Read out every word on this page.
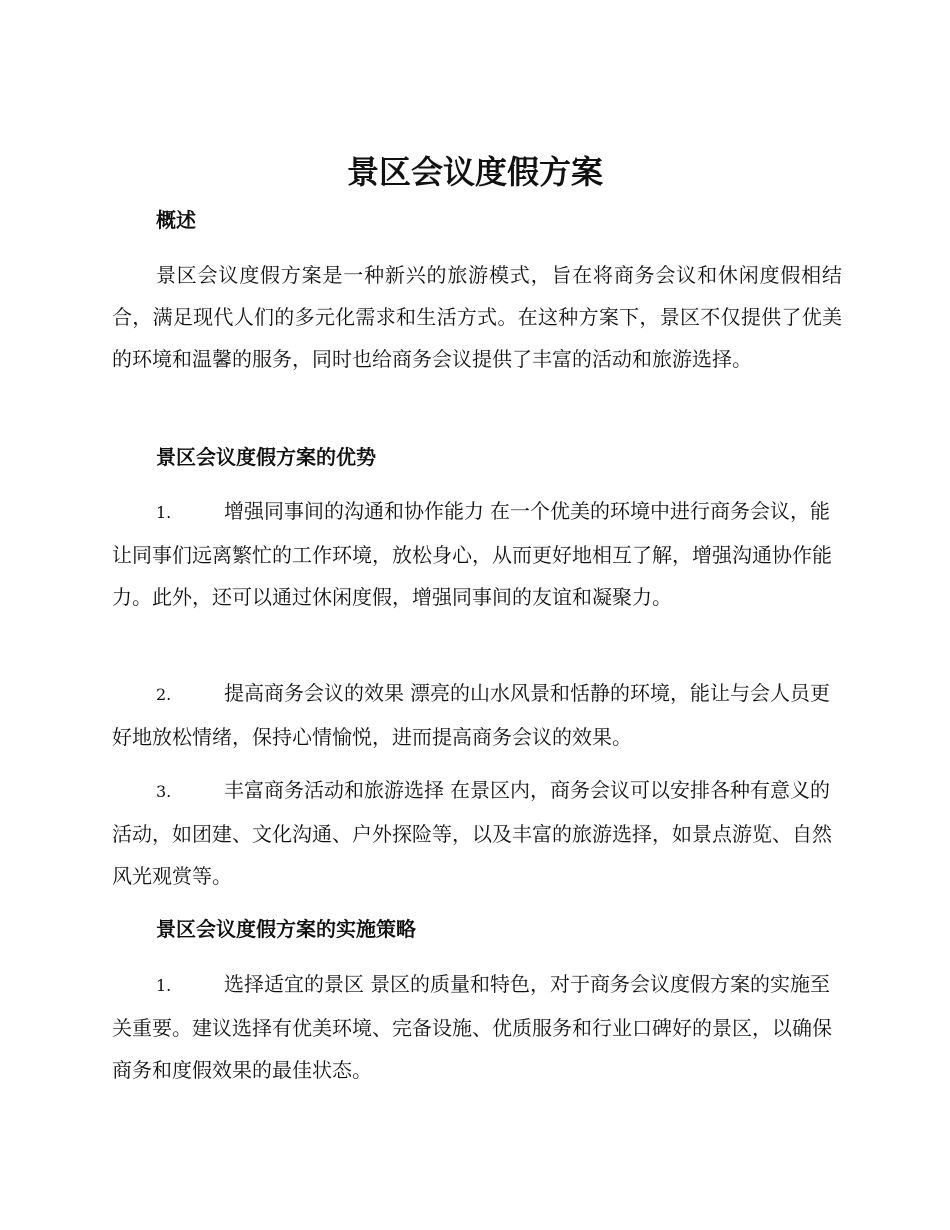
景区会议度假方案
概述

景区会议度假方案是一种新兴的旅游模式，旨在将商务会议和休闲度假相结合，满足现代人们的多元化需求和生活方式。在这种方案下，景区不仅提供了优美的环境和温馨的服务，同时也给商务会议提供了丰富的活动和旅游选择。

景区会议度假方案的优势

1.	增强同事间的沟通和协作能力 在一个优美的环境中进行商务会议，能让同事们远离繁忙的工作环境，放松身心，从而更好地相互了解，增强沟通协作能力。此外，还可以通过休闲度假，增强同事间的友谊和凝聚力。

2.	提高商务会议的效果 漂亮的山水风景和恬静的环境，能让与会人员更好地放松情绪，保持心情愉悦，进而提高商务会议的效果。

3.	丰富商务活动和旅游选择 在景区内，商务会议可以安排各种有意义的活动，如团建、文化沟通、户外探险等，以及丰富的旅游选择，如景点游览、自然风光观赏等。

景区会议度假方案的实施策略

1.	选择适宜的景区 景区的质量和特色，对于商务会议度假方案的实施至关重要。建议选择有优美环境、完备设施、优质服务和行业口碑好的景区，以确保商务和度假效果的最佳状态。
